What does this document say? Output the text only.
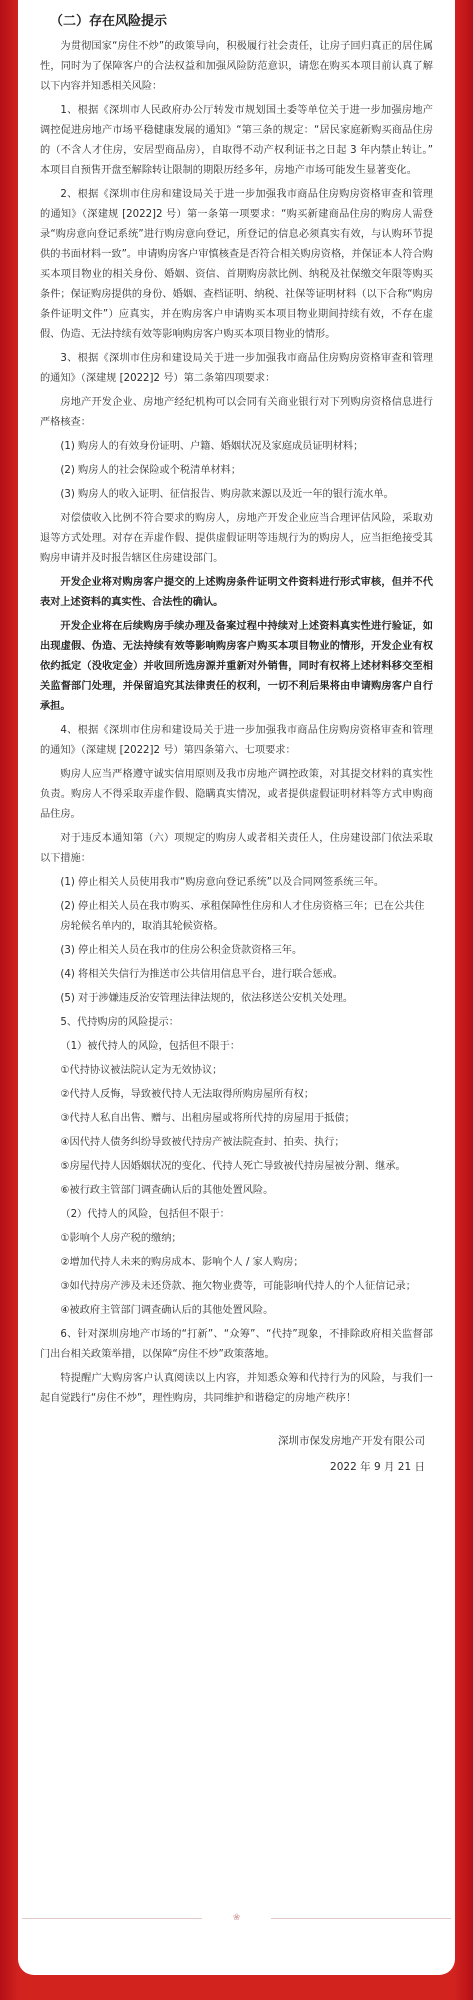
（二）存在风险提示

为贯彻国家“房住不炒”的政策导向，积极履行社会责任，让房子回归真正的居住属性，同时为了保障客户的合法权益和加强风险防范意识，请您在购买本项目前认真了解以下内容并知悉相关风险：

1、根据《深圳市人民政府办公厅转发市规划国土委等单位关于进一步加强房地产调控促进房地产市场平稳健康发展的通知》“第三条的规定：“居民家庭新购买商品住房的（不含人才住房，安居型商品房），自取得不动产权利证书之日起 3 年内禁止转让。” 本项目自预售开盘至解除转让限制的期限历经多年，房地产市场可能发生显著变化。

2、根据《深圳市住房和建设局关于进一步加强我市商品住房购房资格审查和管理的通知》（深建规 [2022]2 号）第一条第一项要求：“购买新建商品住房的购房人需登录“购房意向登记系统”进行购房意向登记，所登记的信息必须真实有效，与认购环节提供的书面材料一致”。申请购房客户审慎核查是否符合相关购房资格，并保证本人符合购买本项目物业的相关身份、婚姻、资信、首期购房款比例、纳税及社保缴交年限等购买条件；保证购房提供的身份、婚姻、查档证明、纳税、社保等证明材料（以下合称“购房条件证明文件”）应真实，并在购房客户申请购买本项目物业期间持续有效，不存在虚假、伪造、无法持续有效等影响购房客户购买本项目物业的情形。

3、根据《深圳市住房和建设局关于进一步加强我市商品住房购房资格审查和管理的通知》（深建规 [2022]2 号）第二条第四项要求：

房地产开发企业、房地产经纪机构可以会同有关商业银行对下列购房资格信息进行严格核查：

(1) 购房人的有效身份证明、户籍、婚姻状况及家庭成员证明材料；

(2) 购房人的社会保险或个税清单材料；

(3) 购房人的收入证明、征信报告、购房款来源以及近一年的银行流水单。

对偿债收入比例不符合要求的购房人，房地产开发企业应当合理评估风险，采取劝退等方式处理。对存在弄虚作假、提供虚假证明等违规行为的购房人，应当拒绝接受其购房申请并及时报告辖区住房建设部门。

开发企业将对购房客户提交的上述购房条件证明文件资料进行形式审核，但并不代表对上述资料的真实性、合法性的确认。

开发企业将在后续购房手续办理及备案过程中持续对上述资料真实性进行验证，如出现虚假、伪造、无法持续有效等影响购房客户购买本项目物业的情形，开发企业有权依约抵定（没收定金）并收回所选房源并重新对外销售，同时有权将上述材料移交至相关监督部门处理，并保留追究其法律责任的权利，一切不利后果将由申请购房客户自行承担。

4、根据《深圳市住房和建设局关于进一步加强我市商品住房购房资格审查和管理的通知》（深建规 [2022]2 号）第四条第六、七项要求：

购房人应当严格遵守诚实信用原则及我市房地产调控政策，对其提交材料的真实性负责。购房人不得采取弄虚作假、隐瞒真实情况，或者提供虚假证明材料等方式申购商品住房。

对于违反本通知第（六）项规定的购房人或者相关责任人，住房建设部门依法采取以下措施：

(1) 停止相关人员使用我市“购房意向登记系统”以及合同网签系统三年。

(2) 停止相关人员在我市购买、承租保障性住房和人才住房资格三年；已在公共住房轮候名单内的，取消其轮候资格。

(3) 停止相关人员在我市的住房公积金贷款资格三年。

(4) 将相关失信行为推送市公共信用信息平台，进行联合惩戒。

(5) 对于涉嫌违反治安管理法律法规的，依法移送公安机关处理。

5、代持购房的风险提示：

（1）被代持人的风险，包括但不限于：

①代持协议被法院认定为无效协议；

②代持人反悔，导致被代持人无法取得所购房屋所有权；

③代持人私自出售、赠与、出租房屋或将所代持的房屋用于抵债；

④因代持人债务纠纷导致被代持房产被法院查封、拍卖、执行；

⑤房屋代持人因婚姻状况的变化、代持人死亡导致被代持房屋被分割、继承。

⑥被行政主管部门调查确认后的其他处置风险。

（2）代持人的风险，包括但不限于：

①影响个人房产税的缴纳；

②增加代持人未来的购房成本、影响个人 / 家人购房；

③如代持房产涉及未还贷款、拖欠物业费等，可能影响代持人的个人征信记录；

④被政府主管部门调查确认后的其他处置风险。

6、针对深圳房地产市场的“打新”、“众筹”、“代持”现象，不排除政府相关监督部门出台相关政策举措，以保障“房住不炒”政策落地。

特提醒广大购房客户认真阅读以上内容，并知悉众筹和代持行为的风险，与我们一起自觉践行“房住不炒”，理性购房，共同维护和谐稳定的房地产秩序！

深圳市保发房地产开发有限公司
2022 年 9 月 21 日
❀
